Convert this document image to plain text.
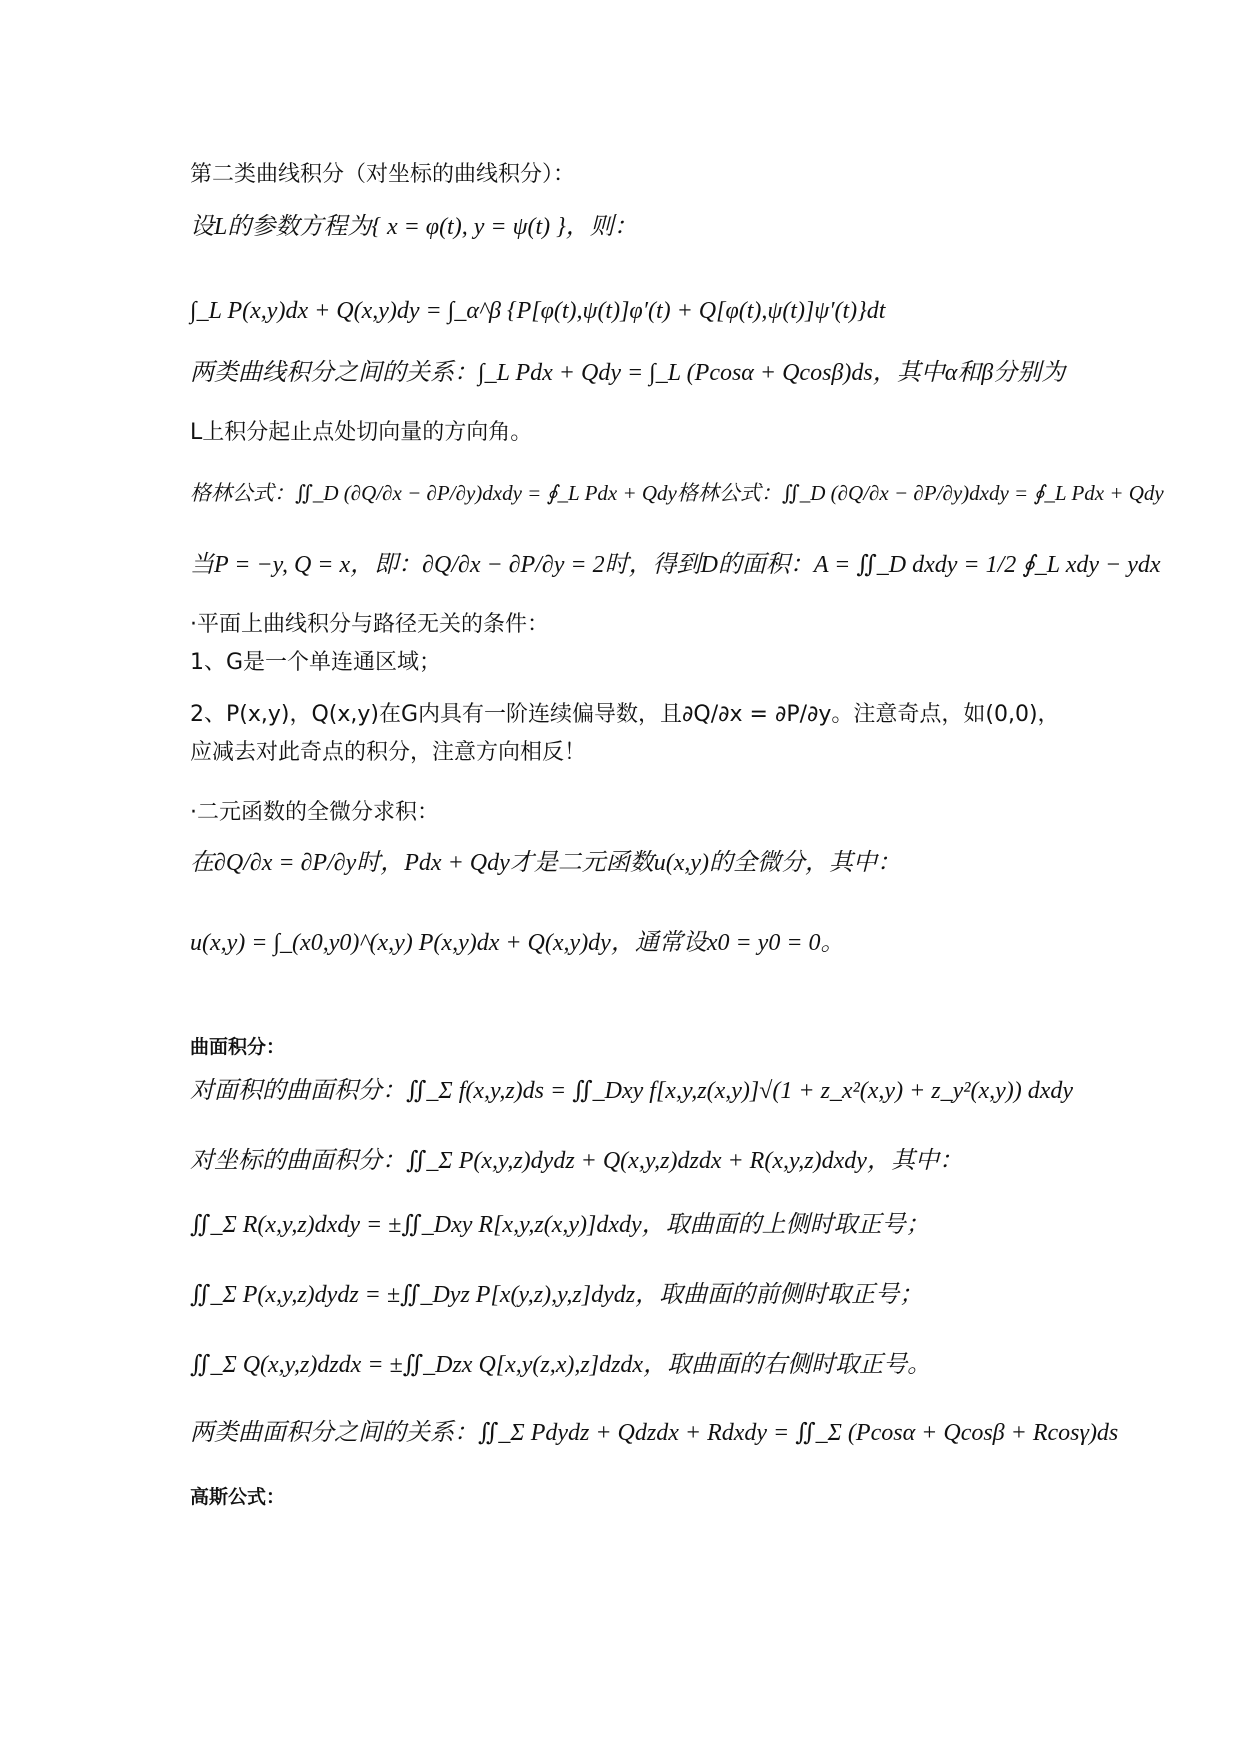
第二类曲线积分（对坐标的曲线积分）：
设L的参数方程为{ x = φ(t), y = ψ(t) }，则：
∫_L P(x,y)dx + Q(x,y)dy = ∫_α^β {P[φ(t),ψ(t)]φ′(t) + Q[φ(t),ψ(t)]ψ′(t)}dt
两类曲线积分之间的关系：∫_L Pdx + Qdy = ∫_L (Pcosα + Qcosβ)ds，其中α和β分别为
L上积分起止点处切向量的方向角。
格林公式：∬_D (∂Q/∂x − ∂P/∂y)dxdy = ∮_L Pdx + Qdy格林公式：∬_D (∂Q/∂x − ∂P/∂y)dxdy = ∮_L Pdx + Qdy
当P = −y, Q = x，即：∂Q/∂x − ∂P/∂y = 2时，得到D的面积：A = ∬_D dxdy = 1/2 ∮_L xdy − ydx
·平面上曲线积分与路径无关的条件：
1、G是一个单连通区域；
2、P(x,y)，Q(x,y)在G内具有一阶连续偏导数，且∂Q/∂x = ∂P/∂y。注意奇点，如(0,0)，应减去对此奇点的积分，注意方向相反！
·二元函数的全微分求积：
在∂Q/∂x = ∂P/∂y时，Pdx + Qdy才是二元函数u(x,y)的全微分，其中：
u(x,y) = ∫_(x0,y0)^(x,y) P(x,y)dx + Q(x,y)dy，通常设x0 = y0 = 0。
曲面积分：
对面积的曲面积分：∬_Σ f(x,y,z)ds = ∬_Dxy f[x,y,z(x,y)]√(1 + z_x²(x,y) + z_y²(x,y)) dxdy
对坐标的曲面积分：∬_Σ P(x,y,z)dydz + Q(x,y,z)dzdx + R(x,y,z)dxdy，其中：
∬_Σ R(x,y,z)dxdy = ±∬_Dxy R[x,y,z(x,y)]dxdy，取曲面的上侧时取正号；
∬_Σ P(x,y,z)dydz = ±∬_Dyz P[x(y,z),y,z]dydz，取曲面的前侧时取正号；
∬_Σ Q(x,y,z)dzdx = ±∬_Dzx Q[x,y(z,x),z]dzdx，取曲面的右侧时取正号。
两类曲面积分之间的关系：∬_Σ Pdydz + Qdzdx + Rdxdy = ∬_Σ (Pcosα + Qcosβ + Rcosγ)ds
高斯公式：
